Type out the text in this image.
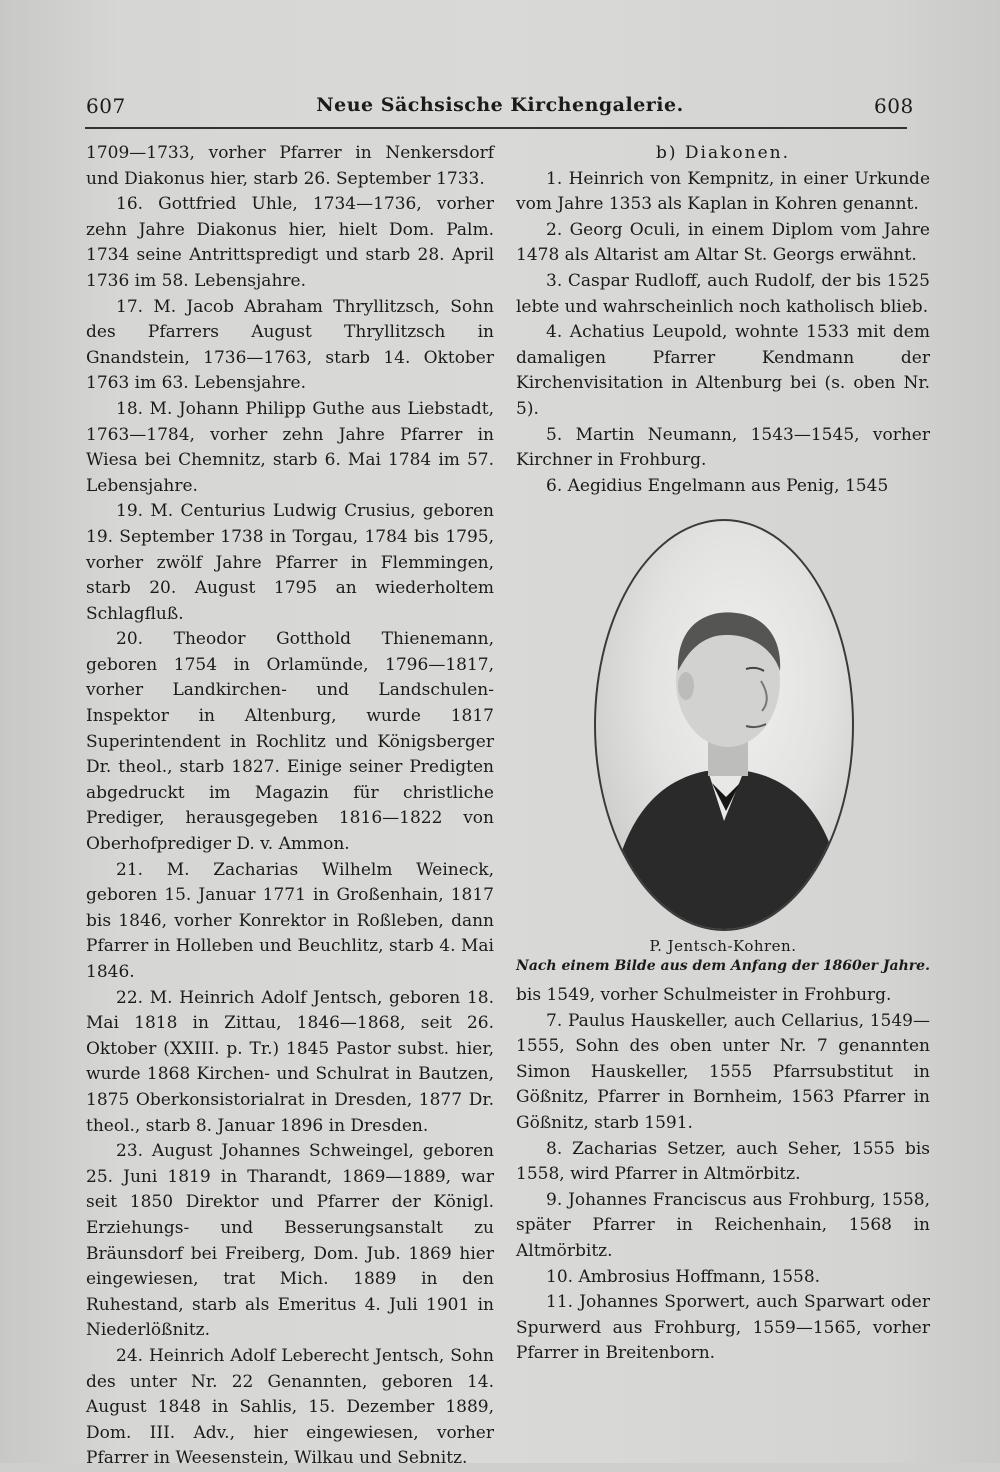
607	Neue Sächsische Kirchengalerie.	608

1709—1733, vorher Pfarrer in Nenkersdorf und Diakonus hier, starb 26. September 1733.

16. Gottfried Uhle, 1734—1736, vorher zehn Jahre Diakonus hier, hielt Dom. Palm. 1734 seine Antrittspredigt und starb 28. April 1736 im 58. Lebensjahre.

17. M. Jacob Abraham Thryllitzsch, Sohn des Pfarrers August Thryllitzsch in Gnandstein, 1736—1763, starb 14. Oktober 1763 im 63. Lebensjahre.

18. M. Johann Philipp Guthe aus Liebstadt, 1763—1784, vorher zehn Jahre Pfarrer in Wiesa bei Chemnitz, starb 6. Mai 1784 im 57. Lebensjahre.

19. M. Centurius Ludwig Crusius, geboren 19. September 1738 in Torgau, 1784 bis 1795, vorher zwölf Jahre Pfarrer in Flemmingen, starb 20. August 1795 an wiederholtem Schlagfluß.

20. Theodor Gotthold Thienemann, geboren 1754 in Orlamünde, 1796—1817, vorher Landkirchen- und Landschulen-Inspektor in Altenburg, wurde 1817 Superintendent in Rochlitz und Königsberger Dr. theol., starb 1827. Einige seiner Predigten abgedruckt im Magazin für christliche Prediger, herausgegeben 1816—1822 von Oberhofprediger D. v. Ammon.

21. M. Zacharias Wilhelm Weineck, geboren 15. Januar 1771 in Großenhain, 1817 bis 1846, vorher Konrektor in Roßleben, dann Pfarrer in Holleben und Beuchlitz, starb 4. Mai 1846.

22. M. Heinrich Adolf Jentsch, geboren 18. Mai 1818 in Zittau, 1846—1868, seit 26. Oktober (XXIII. p. Tr.) 1845 Pastor subst. hier, wurde 1868 Kirchen- und Schulrat in Bautzen, 1875 Oberkonsistorialrat in Dresden, 1877 Dr. theol., starb 8. Januar 1896 in Dresden.

23. August Johannes Schweingel, geboren 25. Juni 1819 in Tharandt, 1869—1889, war seit 1850 Direktor und Pfarrer der Königl. Erziehungs- und Besserungsanstalt zu Bräunsdorf bei Freiberg, Dom. Jub. 1869 hier eingewiesen, trat Mich. 1889 in den Ruhestand, starb als Emeritus 4. Juli 1901 in Niederlößnitz.

24. Heinrich Adolf Leberecht Jentsch, Sohn des unter Nr. 22 Genannten, geboren 14. August 1848 in Sahlis, 15. Dezember 1889, Dom. III. Adv., hier eingewiesen, vorher Pfarrer in Weesenstein, Wilkau und Sebnitz.

b) Diakonen.

1. Heinrich von Kempnitz, in einer Urkunde vom Jahre 1353 als Kaplan in Kohren genannt.

2. Georg Oculi, in einem Diplom vom Jahre 1478 als Altarist am Altar St. Georgs erwähnt.

3. Caspar Rudloff, auch Rudolf, der bis 1525 lebte und wahrscheinlich noch katholisch blieb.

4. Achatius Leupold, wohnte 1533 mit dem damaligen Pfarrer Kendmann der Kirchenvisitation in Altenburg bei (s. oben Nr. 5).

5. Martin Neumann, 1543—1545, vorher Kirchner in Frohburg.

6. Aegidius Engelmann aus Penig, 1545

P. Jentsch-Kohren.
Nach einem Bilde aus dem Anfang der 1860er Jahre.

bis 1549, vorher Schulmeister in Frohburg.

7. Paulus Hauskeller, auch Cellarius, 1549—1555, Sohn des oben unter Nr. 7 genannten Simon Hauskeller, 1555 Pfarrsubstitut in Gößnitz, Pfarrer in Bornheim, 1563 Pfarrer in Gößnitz, starb 1591.

8. Zacharias Setzer, auch Seher, 1555 bis 1558, wird Pfarrer in Altmörbitz.

9. Johannes Franciscus aus Frohburg, 1558, später Pfarrer in Reichenhain, 1568 in Altmörbitz.

10. Ambrosius Hoffmann, 1558.

11. Johannes Sporwert, auch Sparwart oder Spurwerd aus Frohburg, 1559—1565, vorher Pfarrer in Breitenborn.
